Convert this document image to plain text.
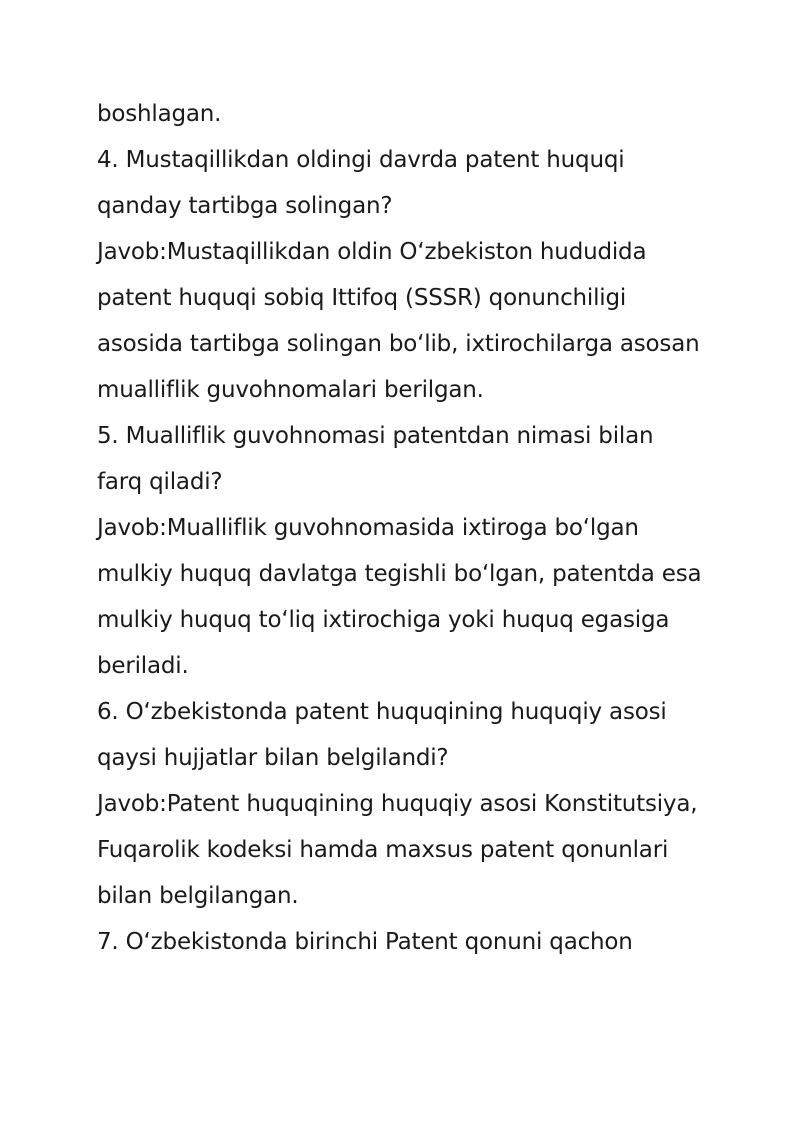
boshlagan.

4. Mustaqillikdan oldingi davrda patent huquqi
qanday tartibga solingan?

Javob:Mustaqillikdan oldin O‘zbekiston hududida
patent huquqi sobiq Ittifoq (SSSR) qonunchiligi
asosida tartibga solingan bo‘lib, ixtirochilarga asosan
mualliflik guvohnomalari berilgan.

5. Mualliflik guvohnomasi patentdan nimasi bilan
farq qiladi?

Javob:Mualliflik guvohnomasida ixtiroga bo‘lgan
mulkiy huquq davlatga tegishli bo‘lgan, patentda esa
mulkiy huquq to‘liq ixtirochiga yoki huquq egasiga
beriladi.

6. O‘zbekistonda patent huquqining huquqiy asosi
qaysi hujjatlar bilan belgilandi?

Javob:Patent huquqining huquqiy asosi Konstitutsiya,
Fuqarolik kodeksi hamda maxsus patent qonunlari
bilan belgilangan.

7. O‘zbekistonda birinchi Patent qonuni qachon
